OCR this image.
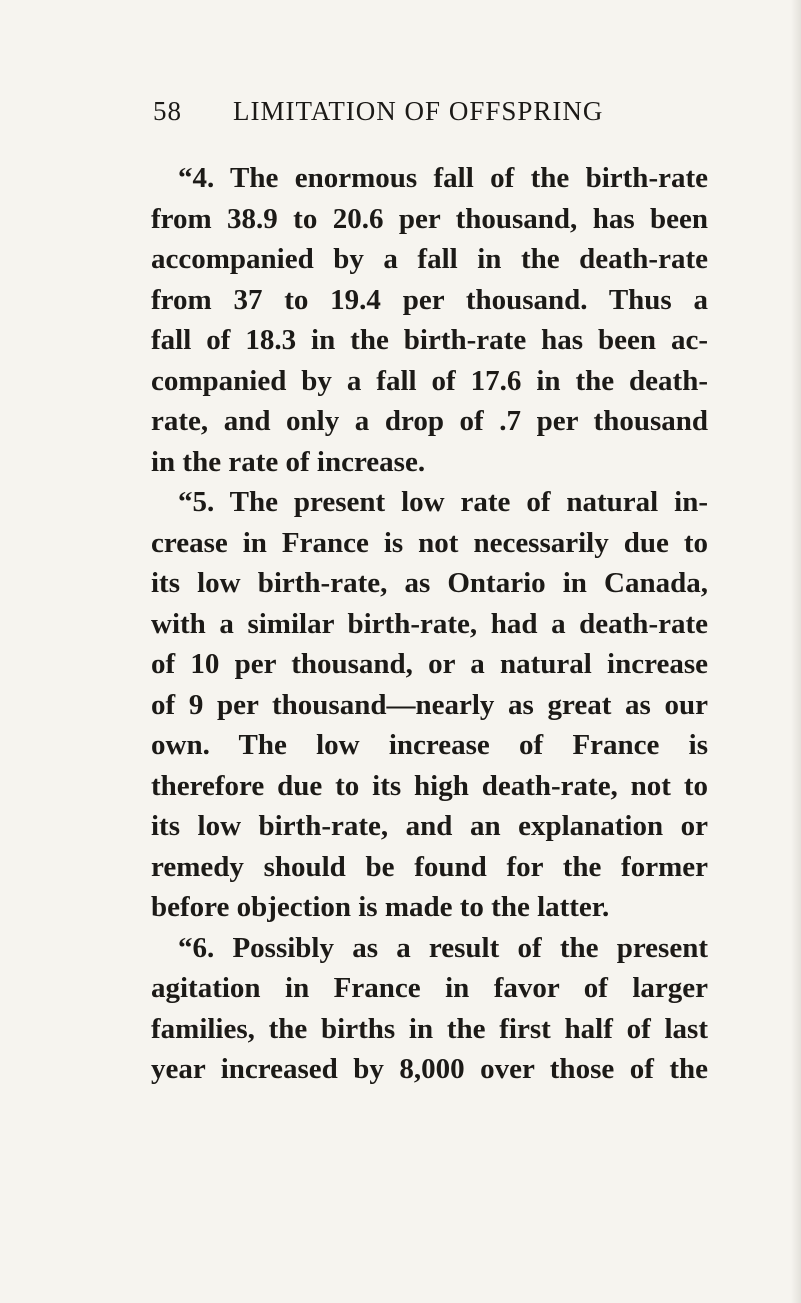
58 LIMITATION OF OFFSPRING
“4. The enormous fall of the birth-rate
from 38.9 to 20.6 per thousand, has been
accompanied by a fall in the death-rate
from 37 to 19.4 per thousand. Thus a
fall of 18.3 in the birth-rate has been ac-
companied by a fall of 17.6 in the death-
rate, and only a drop of .7 per thousand
in the rate of increase.
“5. The present low rate of natural in-
crease in France is not necessarily due to
its low birth-rate, as Ontario in Canada,
with a similar birth-rate, had a death-rate
of 10 per thousand, or a natural increase
of 9 per thousand—nearly as great as our
own. The low increase of France is
therefore due to its high death-rate, not to
its low birth-rate, and an explanation or
remedy should be found for the former
before objection is made to the latter.
“6. Possibly as a result of the present
agitation in France in favor of larger
families, the births in the first half of last
year increased by 8,000 over those of the
